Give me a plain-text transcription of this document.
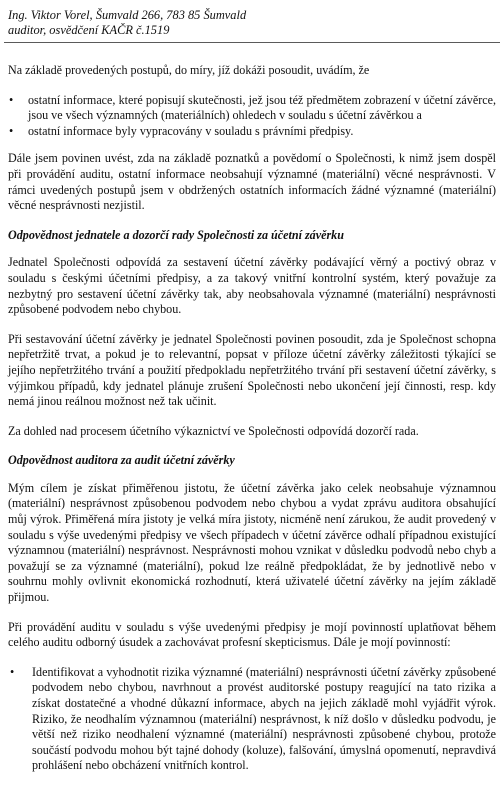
Ing. Viktor Vorel, Šumvald 266, 783 85 Šumvald
auditor, osvědčení KAČR č.1519

Na základě provedených postupů, do míry, jíž dokáži posoudit, uvádím, že

• ostatní informace, které popisují skutečnosti, jež jsou též předmětem zobrazení v účetní závěrce, jsou ve všech významných (materiálních) ohledech v souladu s účetní závěrkou a
• ostatní informace byly vypracovány v souladu s právními předpisy.

Dále jsem povinen uvést, zda na základě poznatků a povědomí o Společnosti, k nimž jsem dospěl při provádění auditu, ostatní informace neobsahují významné (materiální) věcné nesprávnosti. V rámci uvedených postupů jsem v obdržených ostatních informacích žádné významné (materiální) věcné nesprávnosti nezjistil.

Odpovědnost jednatele a dozorčí rady Společnosti za účetní závěrku

Jednatel Společnosti odpovídá za sestavení účetní závěrky podávající věrný a poctivý obraz v souladu s českými účetními předpisy, a za takový vnitřní kontrolní systém, který považuje za nezbytný pro sestavení účetní závěrky tak, aby neobsahovala významné (materiální) nesprávnosti způsobené podvodem nebo chybou.

Při sestavování účetní závěrky je jednatel Společnosti povinen posoudit, zda je Společnost schopna nepřetržitě trvat, a pokud je to relevantní, popsat v příloze účetní závěrky záležitosti týkající se jejího nepřetržitého trvání a použití předpokladu nepřetržitého trvání při sestavení účetní závěrky, s výjimkou případů, kdy jednatel plánuje zrušení Společnosti nebo ukončení její činnosti, resp. kdy nemá jinou reálnou možnost než tak učinit.

Za dohled nad procesem účetního výkaznictví ve Společnosti odpovídá dozorčí rada.

Odpovědnost auditora za audit účetní závěrky

Mým cílem je získat přiměřenou jistotu, že účetní závěrka jako celek neobsahuje významnou (materiální) nesprávnost způsobenou podvodem nebo chybou a vydat zprávu auditora obsahující můj výrok. Přiměřená míra jistoty je velká míra jistoty, nicméně není zárukou, že audit provedený v souladu s výše uvedenými předpisy ve všech případech v účetní závěrce odhalí případnou existující významnou (materiální) nesprávnost. Nesprávnosti mohou vznikat v důsledku podvodů nebo chyb a považují se za významné (materiální), pokud lze reálně předpokládat, že by jednotlivě nebo v souhrnu mohly ovlivnit ekonomická rozhodnutí, která uživatelé účetní závěrky na jejím základě přijmou.

Při provádění auditu v souladu s výše uvedenými předpisy je mojí povinností uplatňovat během celého auditu odborný úsudek a zachovávat profesní skepticismus. Dále je mojí povinností:

• Identifikovat a vyhodnotit rizika významné (materiální) nesprávnosti účetní závěrky způsobené podvodem nebo chybou, navrhnout a provést auditorské postupy reagující na tato rizika a získat dostatečné a vhodné důkazní informace, abych na jejich základě mohl vyjádřit výrok. Riziko, že neodhalím významnou (materiální) nesprávnost, k níž došlo v důsledku podvodu, je větší než riziko neodhalení významné (materiální) nesprávnosti způsobené chybou, protože součástí podvodu mohou být tajné dohody (koluze), falšování, úmyslná opomenutí, nepravdivá prohlášení nebo obcházení vnitřních kontrol.
